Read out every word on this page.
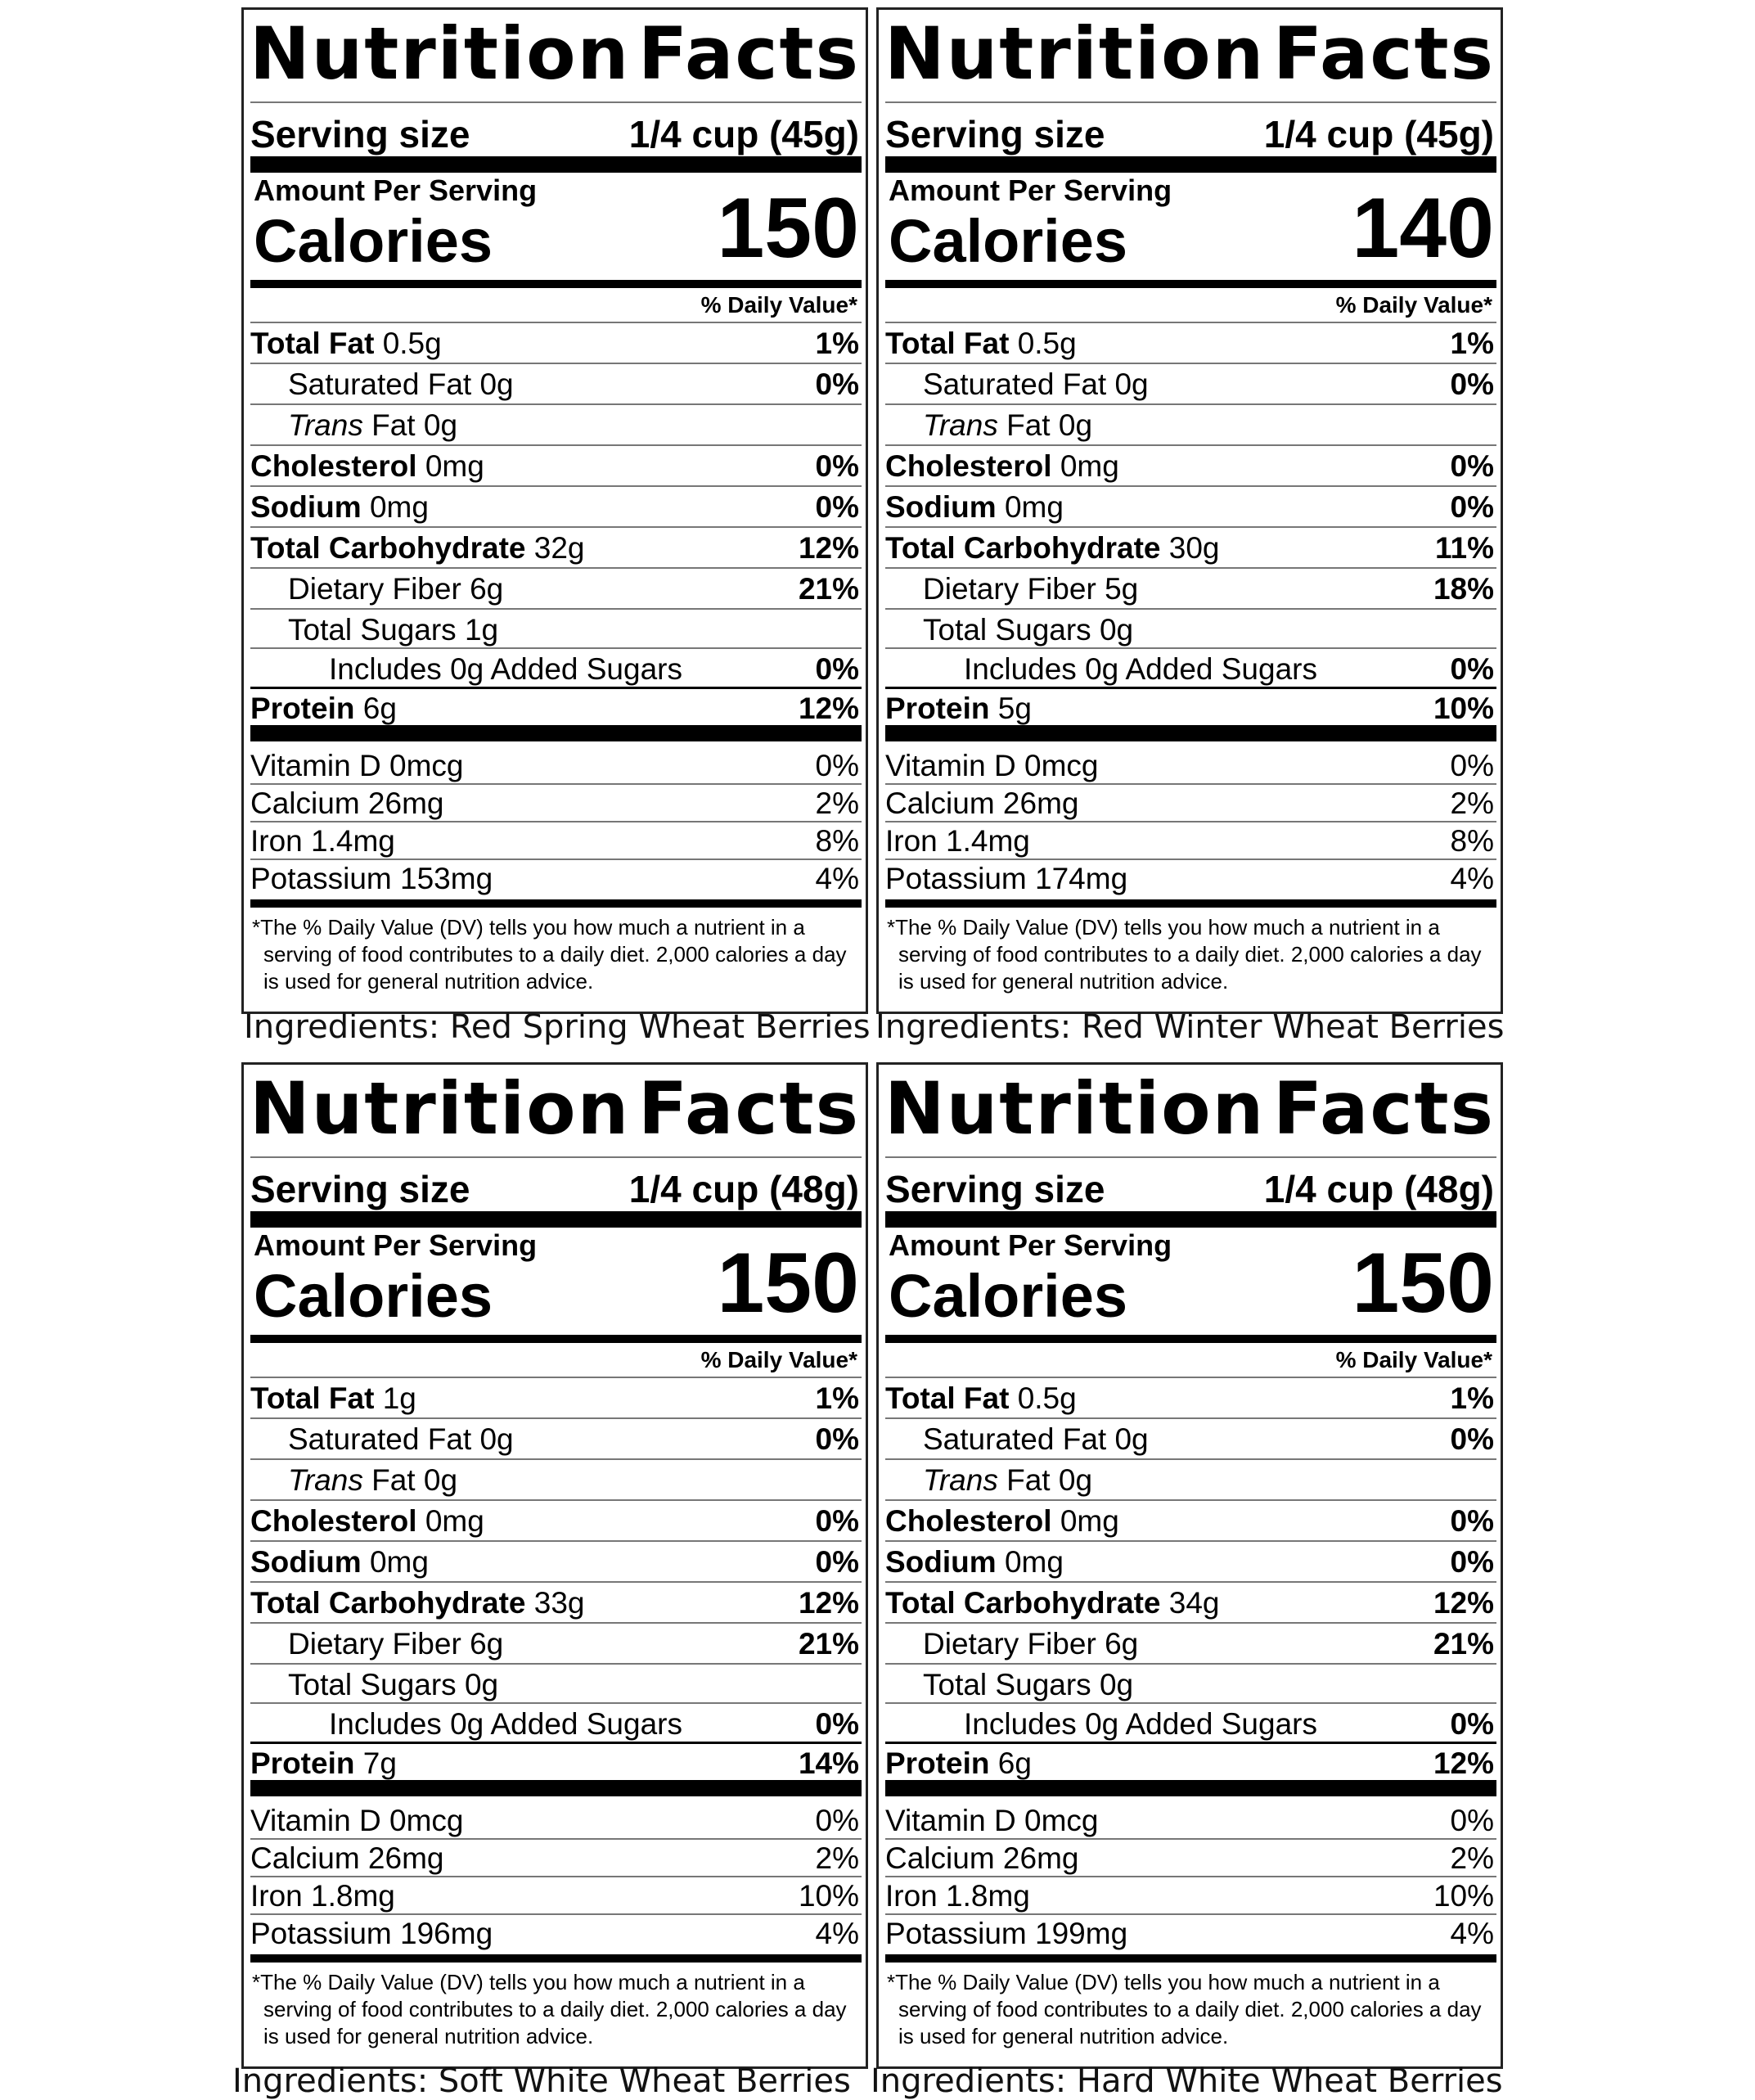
Nutrition Facts
Serving size	1/4 cup (45g)
Amount Per Serving
Calories	150
% Daily Value*
Total Fat 0.5g	1%
Saturated Fat 0g	0%
Trans Fat 0g
Cholesterol 0mg	0%
Sodium 0mg	0%
Total Carbohydrate 32g	12%
Dietary Fiber 6g	21%
Total Sugars 1g
Includes 0g Added Sugars	0%
Protein 6g	12%
Vitamin D 0mcg	0%
Calcium 26mg	2%
Iron 1.4mg	8%
Potassium 153mg	4%
*The % Daily Value (DV) tells you how much a nutrient in a serving of food contributes to a daily diet. 2,000 calories a day is used for general nutrition advice.
Ingredients: Red Spring Wheat Berries
Nutrition Facts
Serving size	1/4 cup (45g)
Amount Per Serving
Calories	140
% Daily Value*
Total Fat 0.5g	1%
Saturated Fat 0g	0%
Trans Fat 0g
Cholesterol 0mg	0%
Sodium 0mg	0%
Total Carbohydrate 30g	11%
Dietary Fiber 5g	18%
Total Sugars 0g
Includes 0g Added Sugars	0%
Protein 5g	10%
Vitamin D 0mcg	0%
Calcium 26mg	2%
Iron 1.4mg	8%
Potassium 174mg	4%
*The % Daily Value (DV) tells you how much a nutrient in a serving of food contributes to a daily diet. 2,000 calories a day is used for general nutrition advice.
Ingredients: Red Winter Wheat Berries
Nutrition Facts
Serving size	1/4 cup (48g)
Amount Per Serving
Calories	150
% Daily Value*
Total Fat 1g	1%
Saturated Fat 0g	0%
Trans Fat 0g
Cholesterol 0mg	0%
Sodium 0mg	0%
Total Carbohydrate 33g	12%
Dietary Fiber 6g	21%
Total Sugars 0g
Includes 0g Added Sugars	0%
Protein 7g	14%
Vitamin D 0mcg	0%
Calcium 26mg	2%
Iron 1.8mg	10%
Potassium 196mg	4%
*The % Daily Value (DV) tells you how much a nutrient in a serving of food contributes to a daily diet. 2,000 calories a day is used for general nutrition advice.
Ingredients: Soft White Wheat Berries
Nutrition Facts
Serving size	1/4 cup (48g)
Amount Per Serving
Calories	150
% Daily Value*
Total Fat 0.5g	1%
Saturated Fat 0g	0%
Trans Fat 0g
Cholesterol 0mg	0%
Sodium 0mg	0%
Total Carbohydrate 34g	12%
Dietary Fiber 6g	21%
Total Sugars 0g
Includes 0g Added Sugars	0%
Protein 6g	12%
Vitamin D 0mcg	0%
Calcium 26mg	2%
Iron 1.8mg	10%
Potassium 199mg	4%
*The % Daily Value (DV) tells you how much a nutrient in a serving of food contributes to a daily diet. 2,000 calories a day is used for general nutrition advice.
Ingredients: Hard White Wheat Berries
